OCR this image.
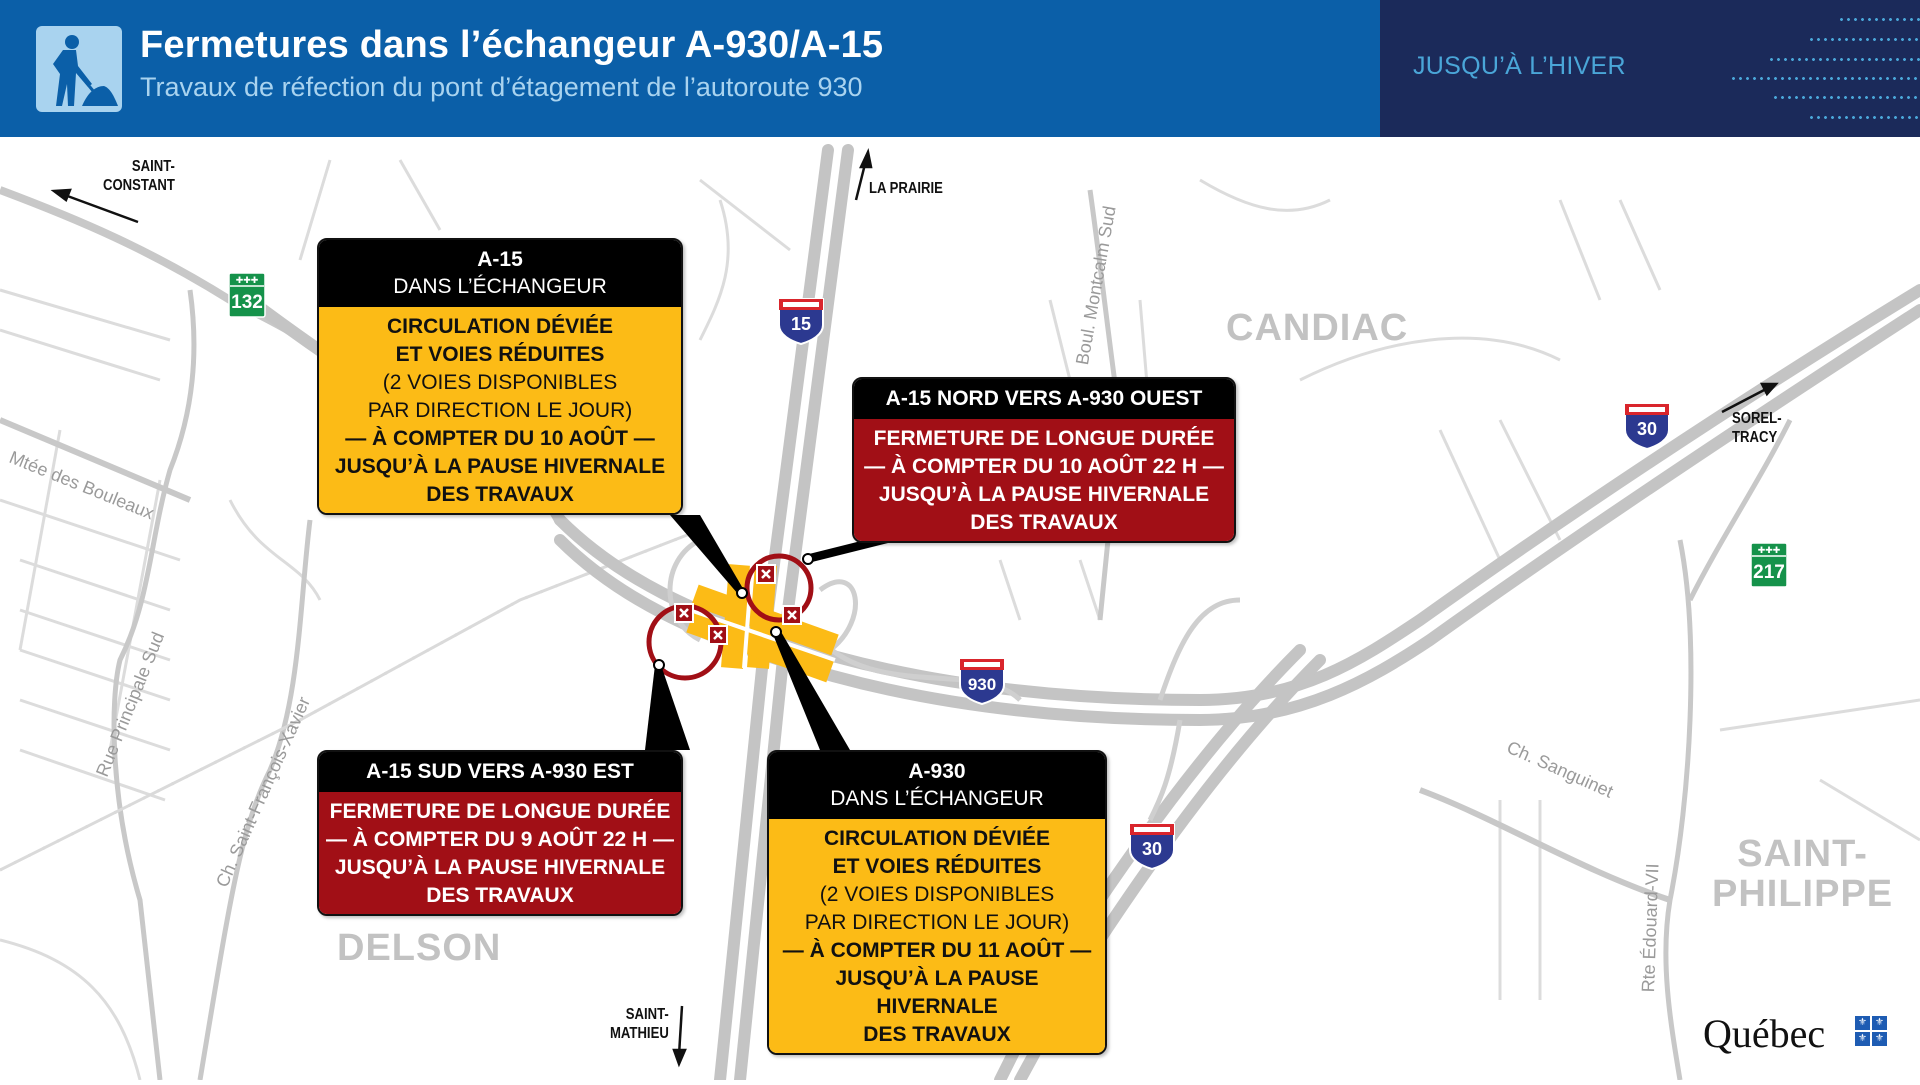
Fermetures dans l’échangeur A-930/A-15
Travaux de réfection du pont d’étagement de l’autoroute 930
JUSQU’À L’HIVER
Mtée des Bouleaux
Rue Principale Sud Ch. Saint-François-Xavier
Boul. Montcalm Sud
Ch. Sanguinet
Rte Édouard-VII
CANDIAC
DELSON
SAINT-
PHILIPPE
SAINT-
CONSTANT	LA PRAIRIE
SOREL-
TRACY
SAINT-
MATHIEU
✚✚✚
132
✚✚✚
217
15
930
30
30
A-15
DANS L’ÉCHANGEUR
CIRCULATION DÉVIÉE
ET VOIES RÉDUITES
(2 VOIES DISPONIBLES
PAR DIRECTION LE JOUR)
— À COMPTER DU 10 AOÛT —
JUSQU’À LA PAUSE HIVERNALE
DES TRAVAUX
A-15 NORD VERS A-930 OUEST
FERMETURE DE LONGUE DURÉE
— À COMPTER DU 10 AOÛT 22 H —
JUSQU’À LA PAUSE HIVERNALE
DES TRAVAUX
A-15 SUD VERS A-930 EST
FERMETURE DE LONGUE DURÉE
— À COMPTER DU 9 AOÛT 22 H —
JUSQU’À LA PAUSE HIVERNALE
DES TRAVAUX
A-930
DANS L’ÉCHANGEUR
CIRCULATION DÉVIÉE
ET VOIES RÉDUITES
(2 VOIES DISPONIBLES
PAR DIRECTION LE JOUR)
— À COMPTER DU 11 AOÛT —
JUSQU’À LA PAUSE HIVERNALE
DES TRAVAUX	Québec	⚜ ⚜
⚜ ⚜
